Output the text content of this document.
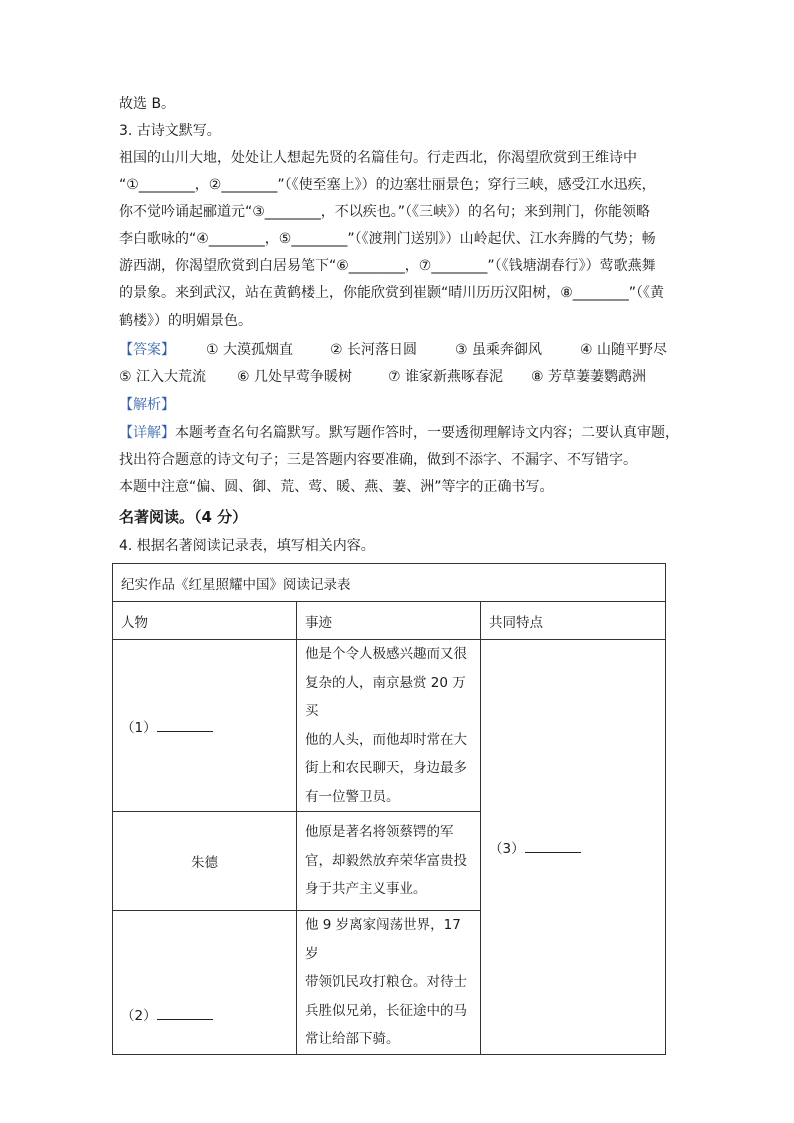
故选 B。
3. 古诗文默写。
祖国的山川大地，处处让人想起先贤的名篇佳句。行走西北，你渴望欣赏到王维诗中
“①________，②________”（《使至塞上》）的边塞壮丽景色；穿行三峡，感受江水迅疾，
你不觉吟诵起郦道元“③________，不以疾也。”（《三峡》）的名句；来到荆门，你能领略
李白歌咏的“④________，⑤________”（《渡荆门送别》）山岭起伏、江水奔腾的气势；畅
游西湖，你渴望欣赏到白居易笔下“⑥________，⑦________”（《钱塘湖春行》）莺歌燕舞
的景象。来到武汉，站在黄鹤楼上，你能欣赏到崔颢“晴川历历汉阳树，⑧________”（《黄
鹤楼》）的明媚景色。
【答案】 ① 大漠孤烟直	② 长河落日圆	③ 虽乘奔御风	④ 山随平野尽
⑤ 江入大荒流 ⑥ 几处早莺争暖树	⑦ 谁家新燕啄春泥 ⑧ 芳草萋萋鹦鹉洲
【解析】
【详解】本题考查名句名篇默写。默写题作答时，一要透彻理解诗文内容；二要认真审题，
找出符合题意的诗文句子；三是答题内容要准确，做到不添字、不漏字、不写错字。
本题中注意“偏、圆、御、荒、莺、暖、燕、萋、洲”等字的正确书写。
名著阅读。（4 分）
4. 根据名著阅读记录表，填写相关内容。
纪实作品《红星照耀中国》阅读记录表		
人物	事迹	共同特点
（1）	他是个令人极感兴趣而又很
复杂的人，南京悬赏 20 万买
他的人头，而他却时常在大
街上和农民聊天，身边最多
有一位警卫员。	（3）
朱德	他原是著名将领蔡锷的军
官，却毅然放弃荣华富贵投
身于共产主义事业。	

（2）	他 9 岁离家闯荡世界，17 岁
带领饥民攻打粮仓。对待士
兵胜似兄弟，长征途中的马
常让给部下骑。	
